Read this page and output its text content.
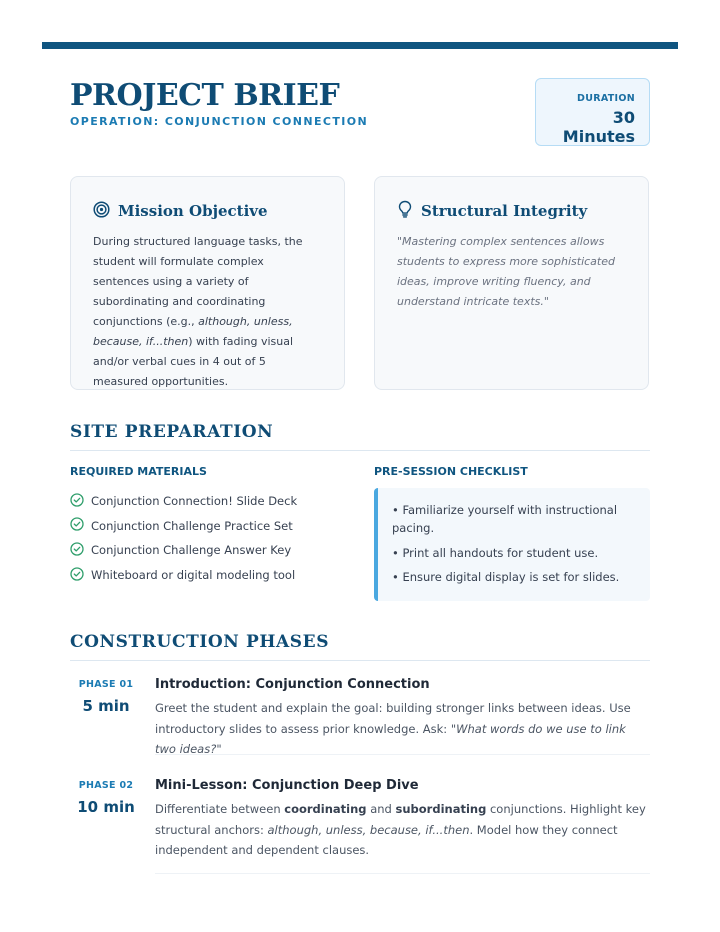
PROJECT BRIEF
OPERATION: CONJUNCTION CONNECTION
DURATION
30 Minutes
Mission Objective

During structured language tasks, the student will formulate complex sentences using a variety of subordinating and coordinating conjunctions (e.g., although, unless, because, if...then) with fading visual and/or verbal cues in 4 out of 5 measured opportunities.

Structural Integrity

"Mastering complex sentences allows students to express more sophisticated ideas, improve writing fluency, and understand intricate texts."

SITE PREPARATION
REQUIRED MATERIALS
Conjunction Connection! Slide Deck
Conjunction Challenge Practice Set
Conjunction Challenge Answer Key
Whiteboard or digital modeling tool
PRE-SESSION CHECKLIST

• Familiarize yourself with instructional pacing.

• Print all handouts for student use.

• Ensure digital display is set for slides.

CONSTRUCTION PHASES
PHASE 01
5 min
Introduction: Conjunction Connection

Greet the student and explain the goal: building stronger links between ideas. Use introductory slides to assess prior knowledge. Ask: "What words do we use to link two ideas?"

PHASE 02
10 min
Mini-Lesson: Conjunction Deep Dive

Differentiate between coordinating and subordinating conjunctions. Highlight key structural anchors: although, unless, because, if...then. Model how they connect independent and dependent clauses.
